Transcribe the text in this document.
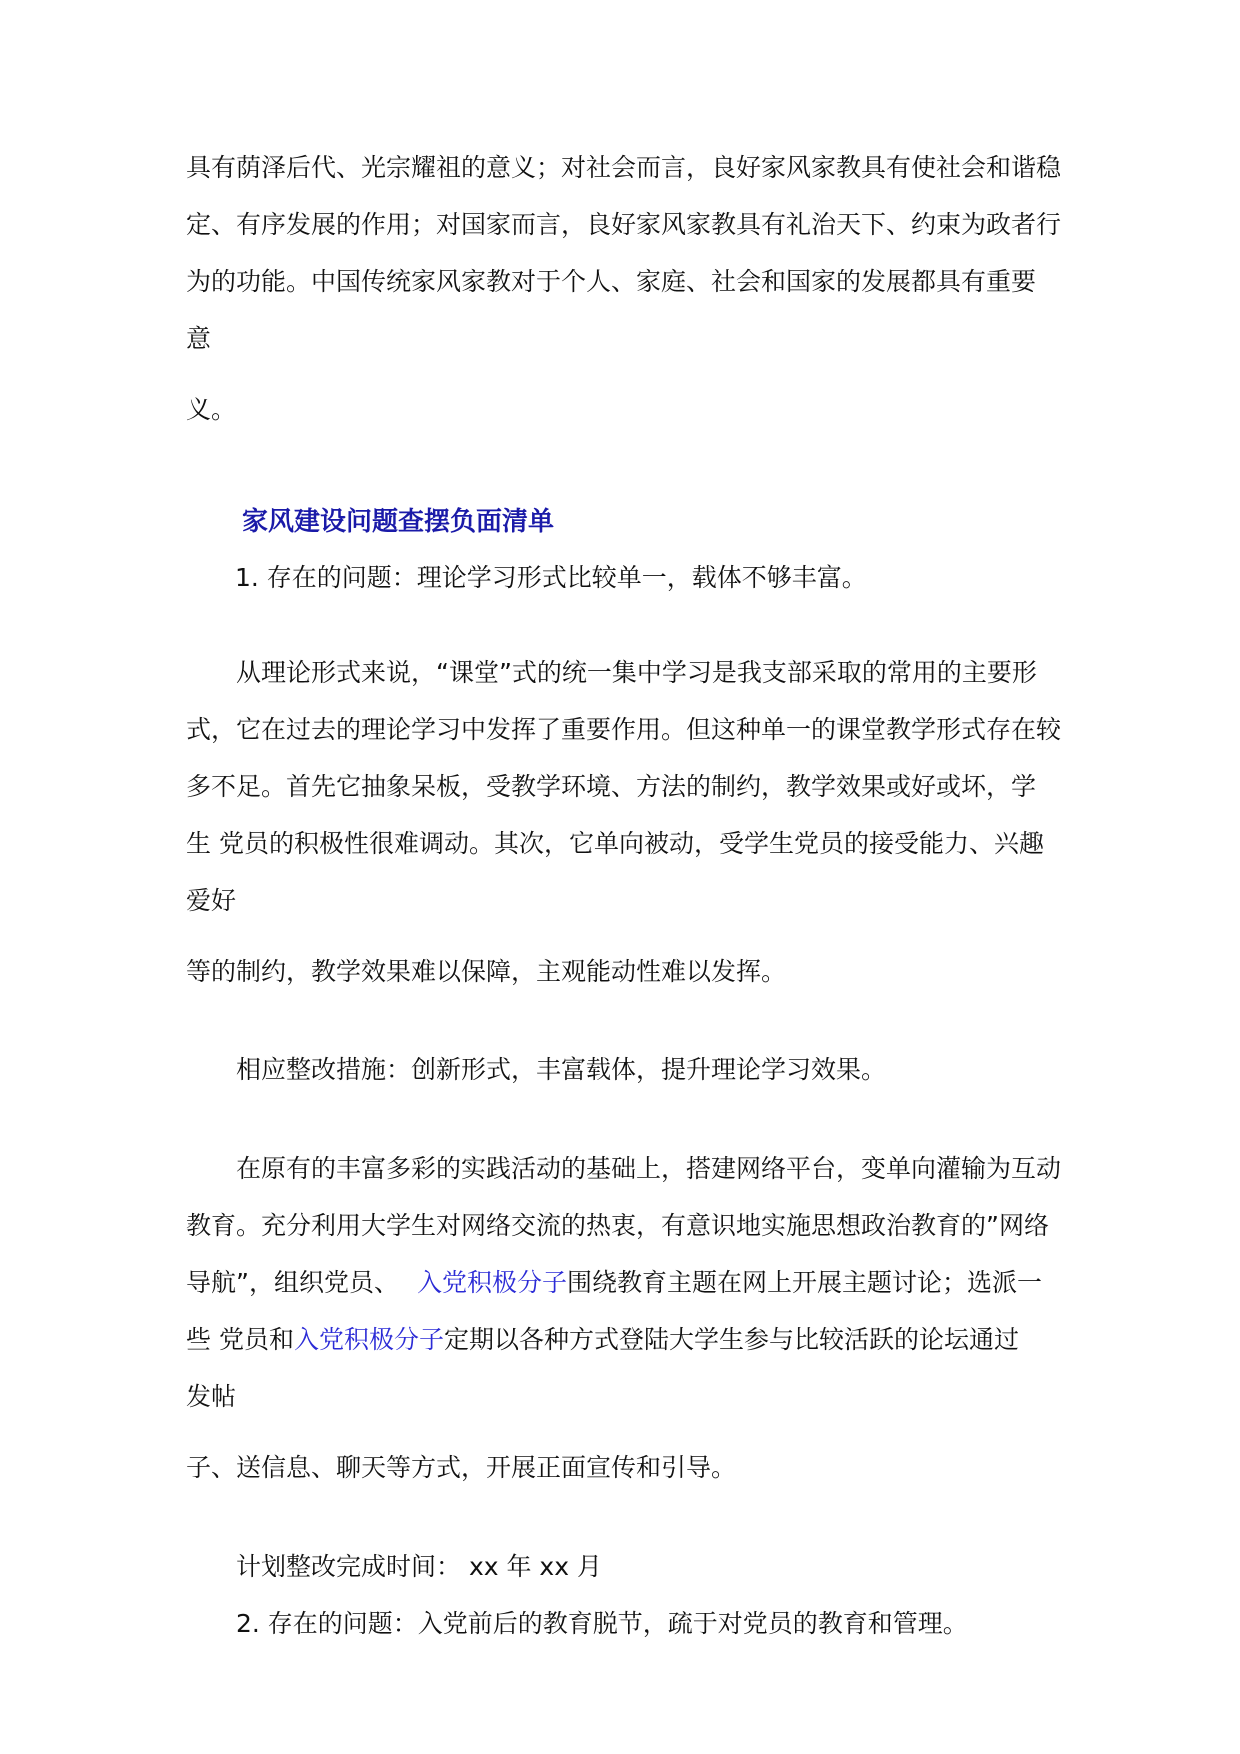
具有荫泽后代、光宗耀祖的意义；对社会而言，良好家风家教具有使社会和谐稳
定、有序发展的作用；对国家而言，良好家风家教具有礼治天下、约束为政者行
为的功能。中国传统家风家教对于个人、家庭、社会和国家的发展都具有重要
意
义。
家风建设问题查摆负面清单
1. 存在的问题：理论学习形式比较单一，载体不够丰富。
从理论形式来说，“课堂”式的统一集中学习是我支部采取的常用的主要形
式，它在过去的理论学习中发挥了重要作用。但这种单一的课堂教学形式存在较
多不足。首先它抽象呆板，受教学环境、方法的制约，教学效果或好或坏，学
生 党员的积极性很难调动。其次，它单向被动，受学生党员的接受能力、兴趣
爱好
等的制约，教学效果难以保障，主观能动性难以发挥。
相应整改措施：创新形式，丰富载体，提升理论学习效果。
在原有的丰富多彩的实践活动的基础上，搭建网络平台，变单向灌输为互动
教育。充分利用大学生对网络交流的热衷，有意识地实施思想政治教育的”网络
导航”，组织党员、 入党积极分子围绕教育主题在网上开展主题讨论；选派一
些 党员和入党积极分子定期以各种方式登陆大学生参与比较活跃的论坛通过
发帖
子、送信息、聊天等方式，开展正面宣传和引导。
计划整改完成时间： xx 年 xx 月
2. 存在的问题：入党前后的教育脱节，疏于对党员的教育和管理。
